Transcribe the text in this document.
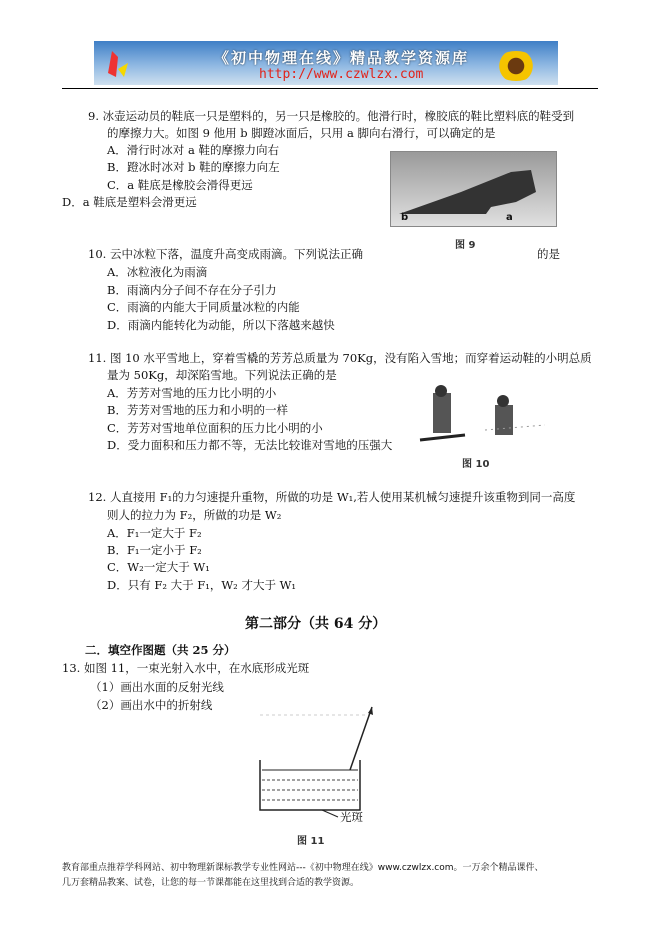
《初中物理在线》精品教学资源库
http://www.czwlzx.com
9. 冰壶运动员的鞋底一只是塑料的，另一只是橡胶的。他滑行时，橡胶底的鞋比塑料底的鞋受到
的摩擦力大。如图 9 他用 b 脚蹬冰面后，只用 a 脚向右滑行，可以确定的是
A．滑行时冰对 a 鞋的摩擦力向右
B．蹬冰时冰对 b 鞋的摩擦力向左
C．a 鞋底是橡胶会滑得更远
D．a 鞋底是塑料会滑更远
b	a
图 9
10. 云中冰粒下落，温度升高变成雨滴。下列说法正确	的是
A．冰粒液化为雨滴
B．雨滴内分子间不存在分子引力
C．雨滴的内能大于同质量冰粒的内能
D．雨滴内能转化为动能，所以下落越来越快
11. 图 10 水平雪地上，穿着雪橇的芳芳总质量为 70Kg，没有陷入雪地；而穿着运动鞋的小明总质
量为 50Kg，却深陷雪地。下列说法正确的是
A．芳芳对雪地的压力比小明的小
B．芳芳对雪地的压力和小明的一样
C．芳芳对雪地单位面积的压力比小明的小
D．受力面积和压力都不等，无法比较谁对雪地的压强大
图 10
12. 人直接用 F₁的力匀速提升重物，所做的功是 W₁,若人使用某机械匀速提升该重物到同一高度
则人的拉力为 F₂，所做的功是 W₂
A．F₁一定大于 F₂
B．F₁一定小于 F₂
C．W₂一定大于 W₁
D．只有 F₂ 大于 F₁，W₂ 才大于 W₁
第二部分（共 64 分）
二．填空作图题（共 25 分）
13. 如图 11，一束光射入水中，在水底形成光斑
（1）画出水面的反射光线
（2）画出水中的折射线
光斑
图 11
教育部重点推荐学科网站、初中物理新课标教学专业性网站---《初中物理在线》www.czwlzx.com。一万余个精品课件、
几万套精品教案、试卷，让您的每一节课都能在这里找到合适的教学资源。
